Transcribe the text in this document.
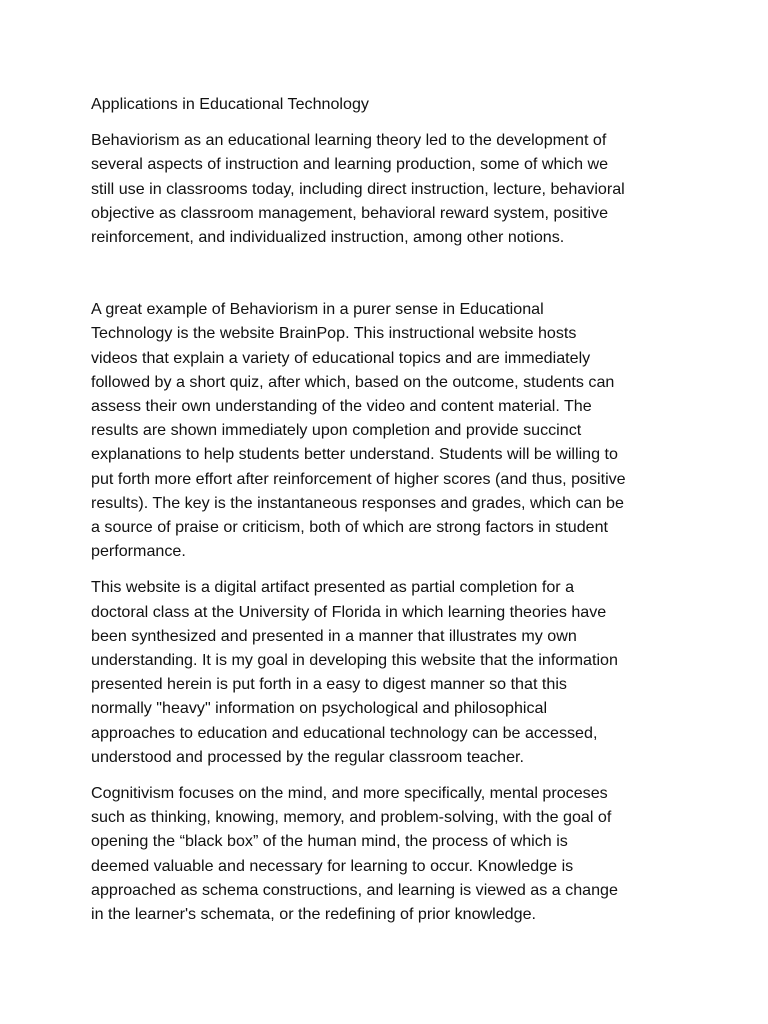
Applications in Educational Technology

Behaviorism as an educational learning theory led to the development of
several aspects of instruction and learning production, some of which we
still use in classrooms today, including direct instruction, lecture, behavioral
objective as classroom management, behavioral reward system, positive
reinforcement, and individualized instruction, among other notions.

A great example of Behaviorism in a purer sense in Educational
Technology is the website BrainPop. This instructional website hosts
videos that explain a variety of educational topics and are immediately
followed by a short quiz, after which, based on the outcome, students can
assess their own understanding of the video and content material. The
results are shown immediately upon completion and provide succinct
explanations to help students better understand. Students will be willing to
put forth more effort after reinforcement of higher scores (and thus, positive
results). The key is the instantaneous responses and grades, which can be
a source of praise or criticism, both of which are strong factors in student
performance.

This website is a digital artifact presented as partial completion for a
doctoral class at the University of Florida in which learning theories have
been synthesized and presented in a manner that illustrates my own
understanding. It is my goal in developing this website that the information
presented herein is put forth in a easy to digest manner so that this
normally "heavy" information on psychological and philosophical
approaches to education and educational technology can be accessed,
understood and processed by the regular classroom teacher.

Cognitivism focuses on the mind, and more specifically, mental proceses
such as thinking, knowing, memory, and problem-solving, with the goal of
opening the “black box” of the human mind, the process of which is
deemed valuable and necessary for learning to occur. Knowledge is
approached as schema constructions, and learning is viewed as a change
in the learner's schemata, or the redefining of prior knowledge.
